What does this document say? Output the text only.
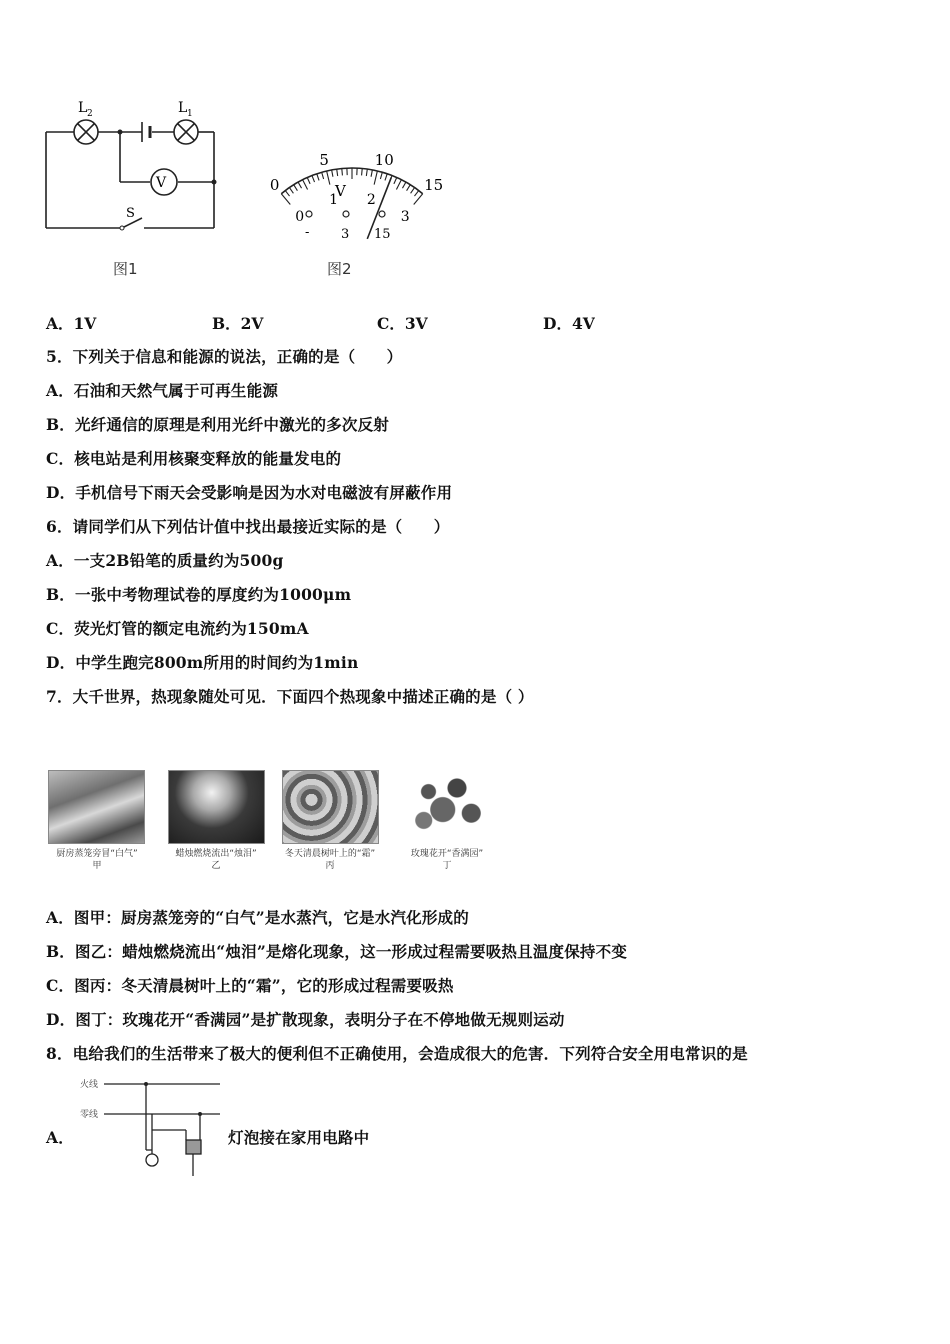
V
L 2	L 1
S
图1
0
5	10
15
0
1 2
3
V
- 3 15
图2
A．1V	B．2V	C．3V	D．4V
5．下列关于信息和能源的说法，正确的是（　　）
A．石油和天然气属于可再生能源
B．光纤通信的原理是利用光纤中激光的多次反射
C．核电站是利用核聚变释放的能量发电的
D．手机信号下雨天会受影响是因为水对电磁波有屏蔽作用
6．请同学们从下列估计值中找出最接近实际的是（　　）
A．一支2B铅笔的质量约为500g
B．一张中考物理试卷的厚度约为1000μm
C．荧光灯管的额定电流约为150mA
D．中学生跑完800m所用的时间约为1min
7．大千世界，热现象随处可见．下面四个热现象中描述正确的是（ ）
厨房蒸笼旁冒“白气”
甲
蜡烛燃烧流出“烛泪”
乙
冬天清晨树叶上的“霜”
丙
玫瑰花开“香满园”
丁
A．图甲：厨房蒸笼旁的“白气”是水蒸汽，它是水汽化形成的
B．图乙：蜡烛燃烧流出“烛泪”是熔化现象，这一形成过程需要吸热且温度保持不变
C．图丙：冬天清晨树叶上的“霜”，它的形成过程需要吸热
D．图丁：玫瑰花开“香满园”是扩散现象，表明分子在不停地做无规则运动
8．电给我们的生活带来了极大的便利但不正确使用，会造成很大的危害．下列符合安全用电常识的是
A．
火线
零线
灯泡接在家用电路中
